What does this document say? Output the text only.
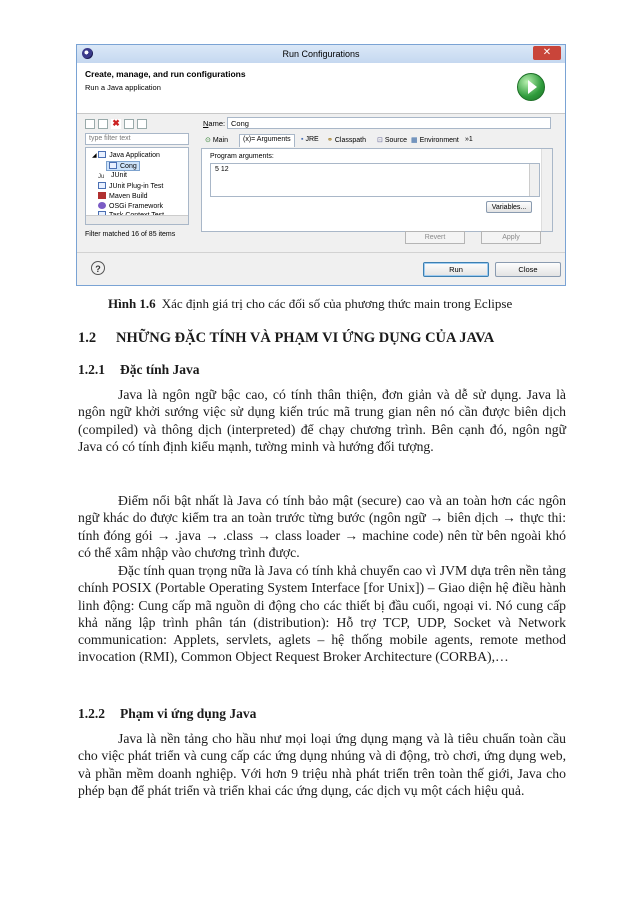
Run Configurations	✕
Create, manage, and run configurations
Run a Java application
✖
type filter text
◢ Java Application
Cong
Ju JUnit
JUnit Plug-in Test
Maven Build
OSGi Framework
Filter matched 16 of 85 items
Name: Cong
⊙ Main	(x)= Arguments	▪ JRE ⚭ Classpath ⊡ Source ▦ Environment »1
Program arguments:
5 12
Variables...
Revert	Apply
?	Run	Close
Hình 1.6 Xác định giá trị cho các đối số của phương thức main trong Eclipse
1.2 NHỮNG ĐẶC TÍNH VÀ PHẠM VI ỨNG DỤNG CỦA JAVA
1.2.1 Đặc tính Java

Java là ngôn ngữ bậc cao, có tính thân thiện, đơn giản và dễ sử dụng. Java là ngôn ngữ khởi sướng việc sử dụng kiến trúc mã trung gian nên nó cần được biên dịch (compiled) và thông dịch (interpreted) để chạy chương trình. Bên cạnh đó, ngôn ngữ Java có có tính định kiểu mạnh, tường minh và hướng đối tượng.

Điểm nổi bật nhất là Java có tính bảo mật (secure) cao và an toàn hơn các ngôn ngữ khác do được kiểm tra an toàn trước từng bước (ngôn ngữ → biên dịch → thực thi: tính đóng gói → .java → .class → class loader → machine code) nên từ bên ngoài khó có thể xâm nhập vào chương trình được.

Đặc tính quan trọng nữa là Java có tính khả chuyển cao vì JVM dựa trên nền tảng chính POSIX (Portable Operating System Interface [for Unix]) – Giao diện hệ điều hành linh động: Cung cấp mã nguồn di động cho các thiết bị đầu cuối, ngoại vi. Nó cung cấp khả năng lập trình phân tán (distribution): Hỗ trợ TCP, UDP, Socket và Network communication: Applets, servlets, aglets – hệ thống mobile agents, remote method invocation (RMI), Common Object Request Broker Architecture (CORBA),…

1.2.2 Phạm vi ứng dụng Java

Java là nền tảng cho hầu như mọi loại ứng dụng mạng và là tiêu chuẩn toàn cầu cho việc phát triển và cung cấp các ứng dụng nhúng và di động, trò chơi, ứng dụng web, và phần mềm doanh nghiệp. Với hơn 9 triệu nhà phát triển trên toàn thế giới, Java cho phép bạn để phát triển và triển khai các ứng dụng, các dịch vụ một cách hiệu quả.
